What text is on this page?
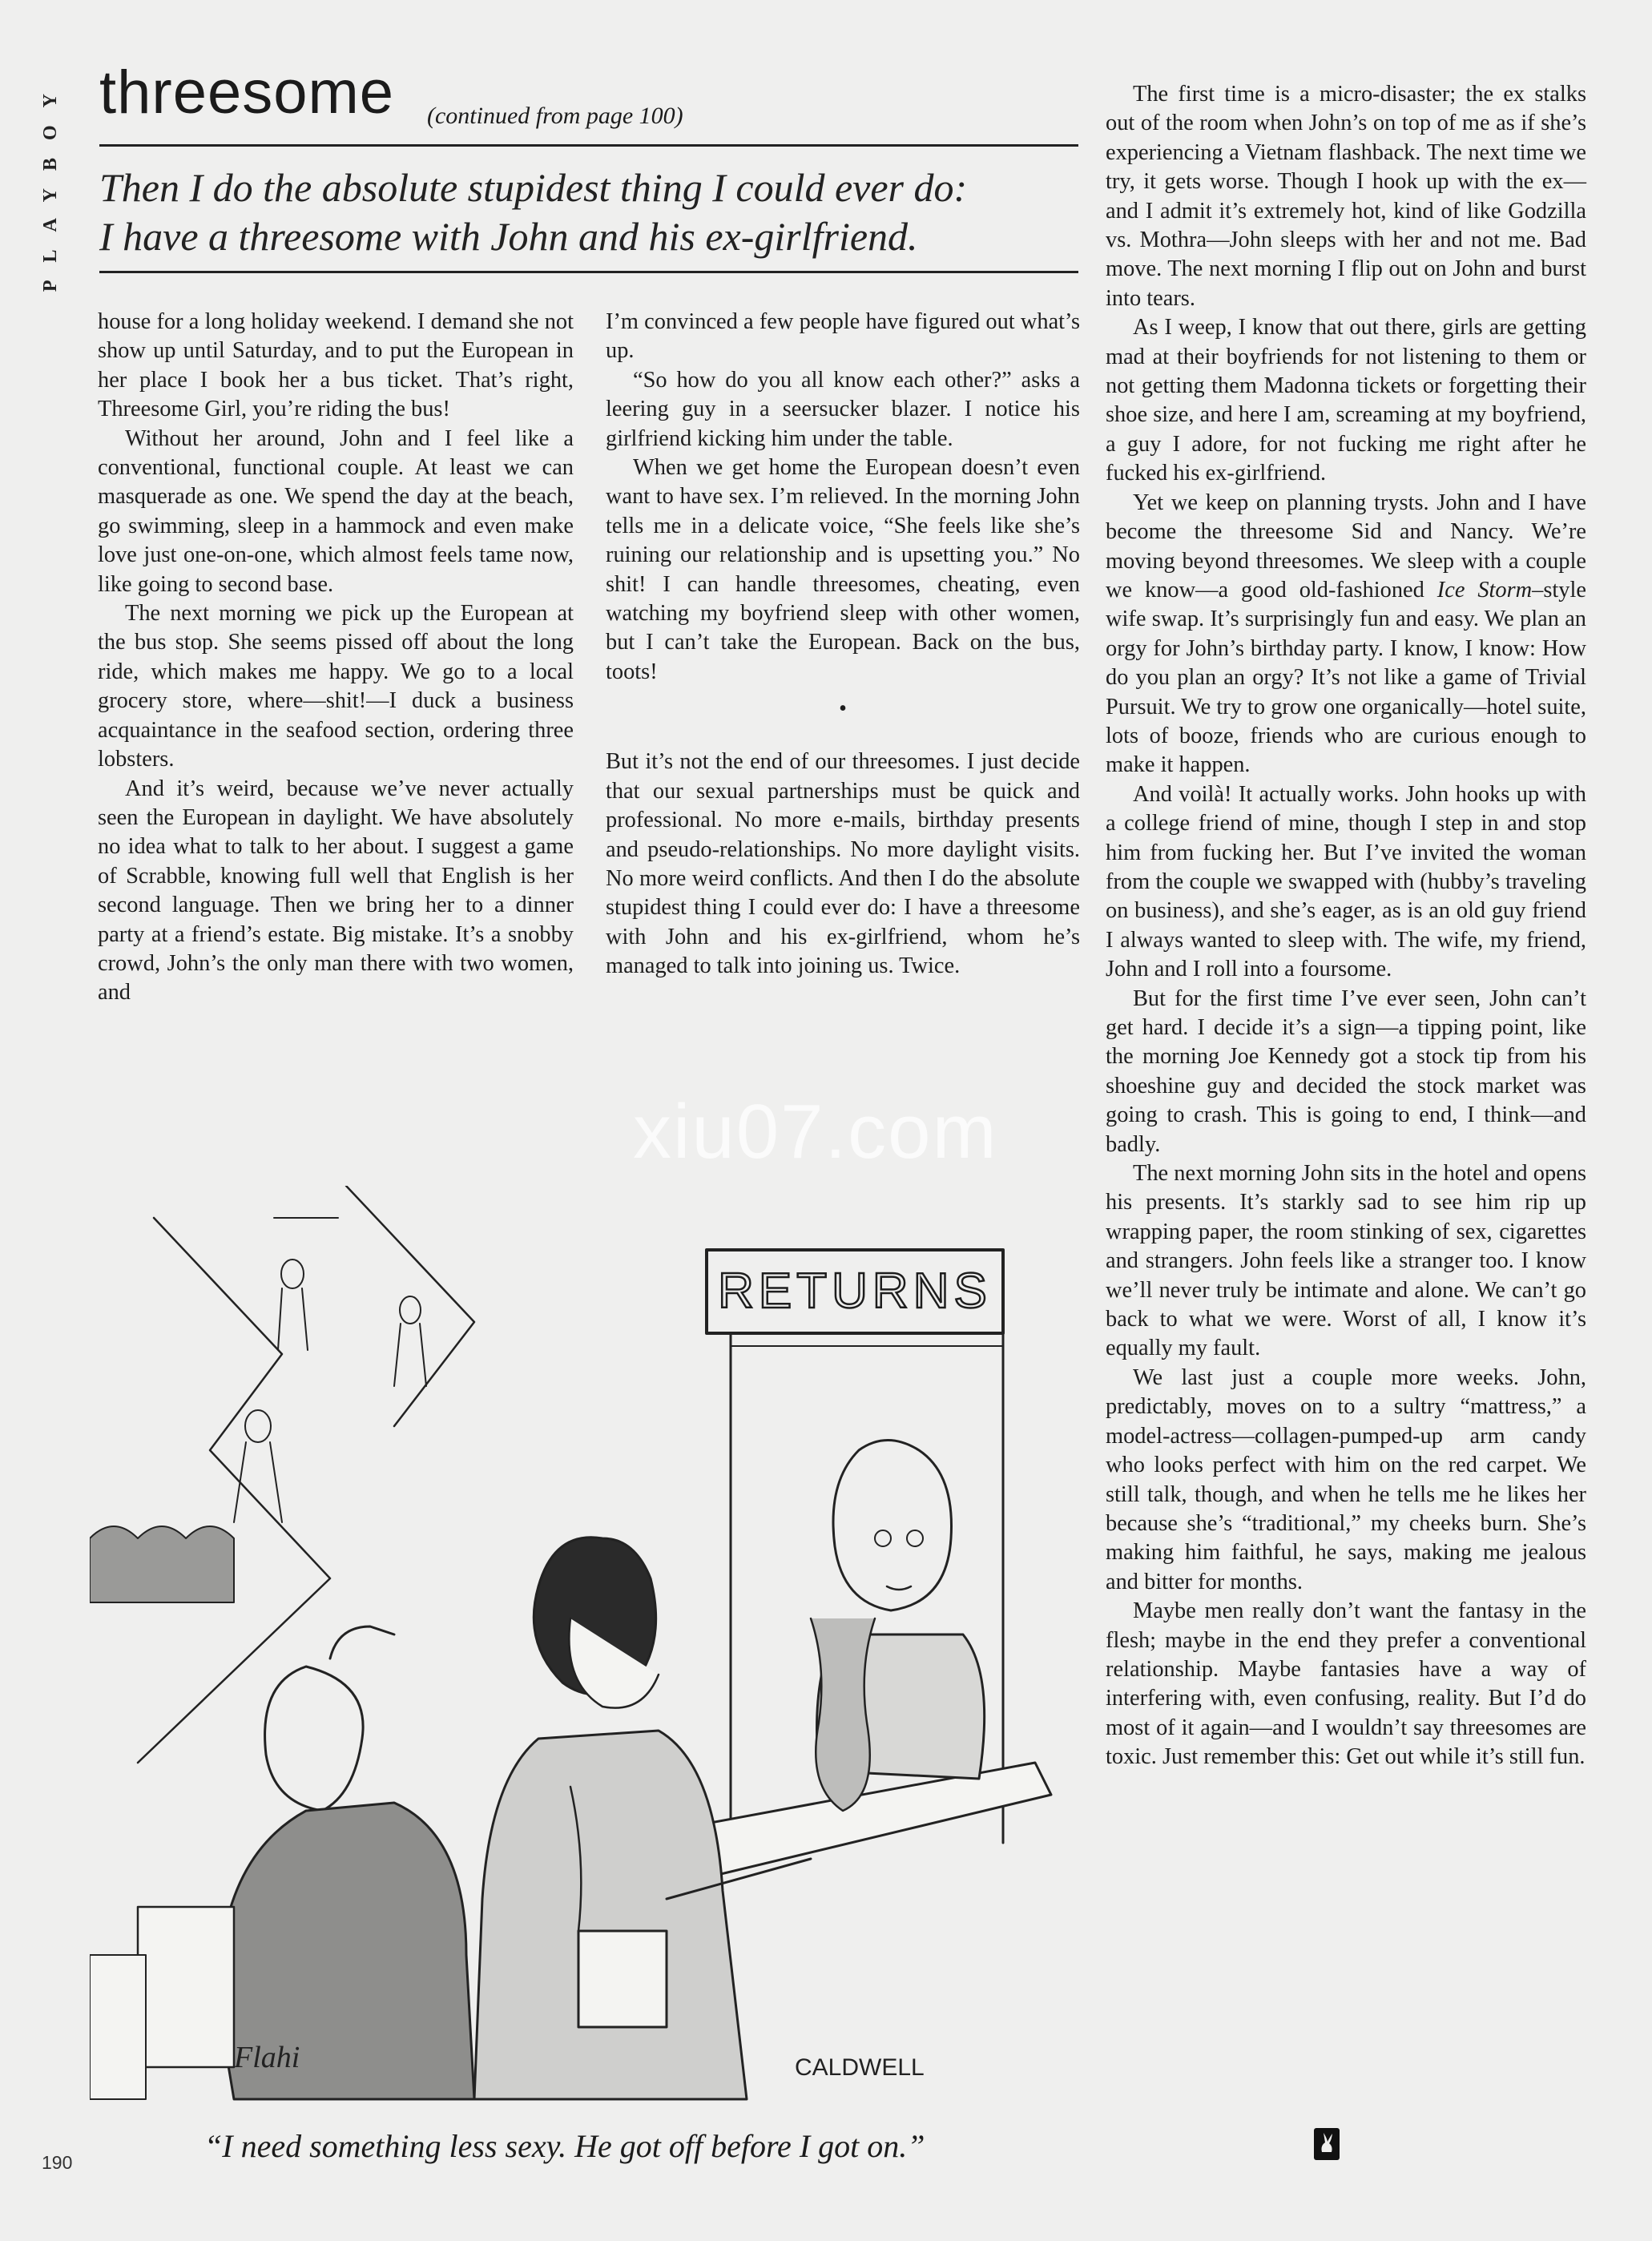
PLAYBOY threesome (continued from page 100)
Then I do the absolute stupidest thing I could ever do:
I have a threesome with John and his ex-girlfriend.

house for a long holiday weekend. I demand she not show up until Saturday, and to put the European in her place I book her a bus ticket. That’s right, Threesome Girl, you’re riding the bus!

Without her around, John and I feel like a conventional, functional couple. At least we can masquerade as one. We spend the day at the beach, go swimming, sleep in a hammock and even make love just one-on-one, which almost feels tame now, like going to second base.

The next morning we pick up the European at the bus stop. She seems pissed off about the long ride, which makes me happy. We go to a local grocery store, where—shit!—I duck a business acquaintance in the seafood section, ordering three lobsters.

And it’s weird, because we’ve never actually seen the European in daylight. We have absolutely no idea what to talk to her about. I suggest a game of Scrabble, knowing full well that English is her second language. Then we bring her to a dinner party at a friend’s estate. Big mistake. It’s a snobby crowd, John’s the only man there with two women, and

I’m convinced a few people have figured out what’s up.

“So how do you all know each other?” asks a leering guy in a seersucker blazer. I notice his girlfriend kicking him under the table.

When we get home the European doesn’t even want to have sex. I’m relieved. In the morning John tells me in a delicate voice, “She feels like she’s ruining our relationship and is upsetting you.” No shit! I can handle threesomes, cheating, even watching my boyfriend sleep with other women, but I can’t take the European. Back on the bus, toots!

•

But it’s not the end of our threesomes. I just decide that our sexual partnerships must be quick and professional. No more e-mails, birthday presents and pseudo-relationships. No more daylight visits. No more weird conflicts. And then I do the absolute stupidest thing I could ever do: I have a threesome with John and his ex-girlfriend, whom he’s managed to talk into joining us. Twice.

The first time is a micro-disaster; the ex stalks out of the room when John’s on top of me as if she’s experiencing a Vietnam flashback. The next time we try, it gets worse. Though I hook up with the ex—and I admit it’s extremely hot, kind of like Godzilla vs. Mothra—John sleeps with her and not me. Bad move. The next morning I flip out on John and burst into tears.

As I weep, I know that out there, girls are getting mad at their boyfriends for not listening to them or not getting them Madonna tickets or forgetting their shoe size, and here I am, screaming at my boyfriend, a guy I adore, for not fucking me right after he fucked his ex-girlfriend.

Yet we keep on planning trysts. John and I have become the threesome Sid and Nancy. We’re moving beyond threesomes. We sleep with a couple we know—a good old-fashioned Ice Storm–style wife swap. It’s surprisingly fun and easy. We plan an orgy for John’s birthday party. I know, I know: How do you plan an orgy? It’s not like a game of Trivial Pursuit. We try to grow one organically—hotel suite, lots of booze, friends who are curious enough to make it happen.

And voilà! It actually works. John hooks up with a college friend of mine, though I step in and stop him from fucking her. But I’ve invited the woman from the couple we swapped with (hubby’s traveling on business), and she’s eager, as is an old guy friend I always wanted to sleep with. The wife, my friend, John and I roll into a foursome.

But for the first time I’ve ever seen, John can’t get hard. I decide it’s a sign—a tipping point, like the morning Joe Kennedy got a stock tip from his shoeshine guy and decided the stock market was going to crash. This is going to end, I think—and badly.

The next morning John sits in the hotel and opens his presents. It’s starkly sad to see him rip up wrapping paper, the room stinking of sex, cigarettes and strangers. John feels like a stranger too. I know we’ll never truly be intimate and alone. We can’t go back to what we were. Worst of all, I know it’s equally my fault.

We last just a couple more weeks. John, predictably, moves on to a sultry “mattress,” a model-actress—collagen-pumped-up arm candy who looks perfect with him on the red carpet. We still talk, though, and when he tells me he likes her because she’s “traditional,” my cheeks burn. She’s making him faithful, he says, making me jealous and bitter for months.

Maybe men really don’t want the fantasy in the flesh; maybe in the end they prefer a conventional relationship. Maybe fantasies have a way of interfering with, even confusing, reality. But I’d do most of it again—and I wouldn’t say threesomes are toxic. Just remember this: Get out while it’s still fun.

xiu07.com
RETURNS
CALDWELL
Flahi
“I need something less sexy. He got off before I got on.”
190
